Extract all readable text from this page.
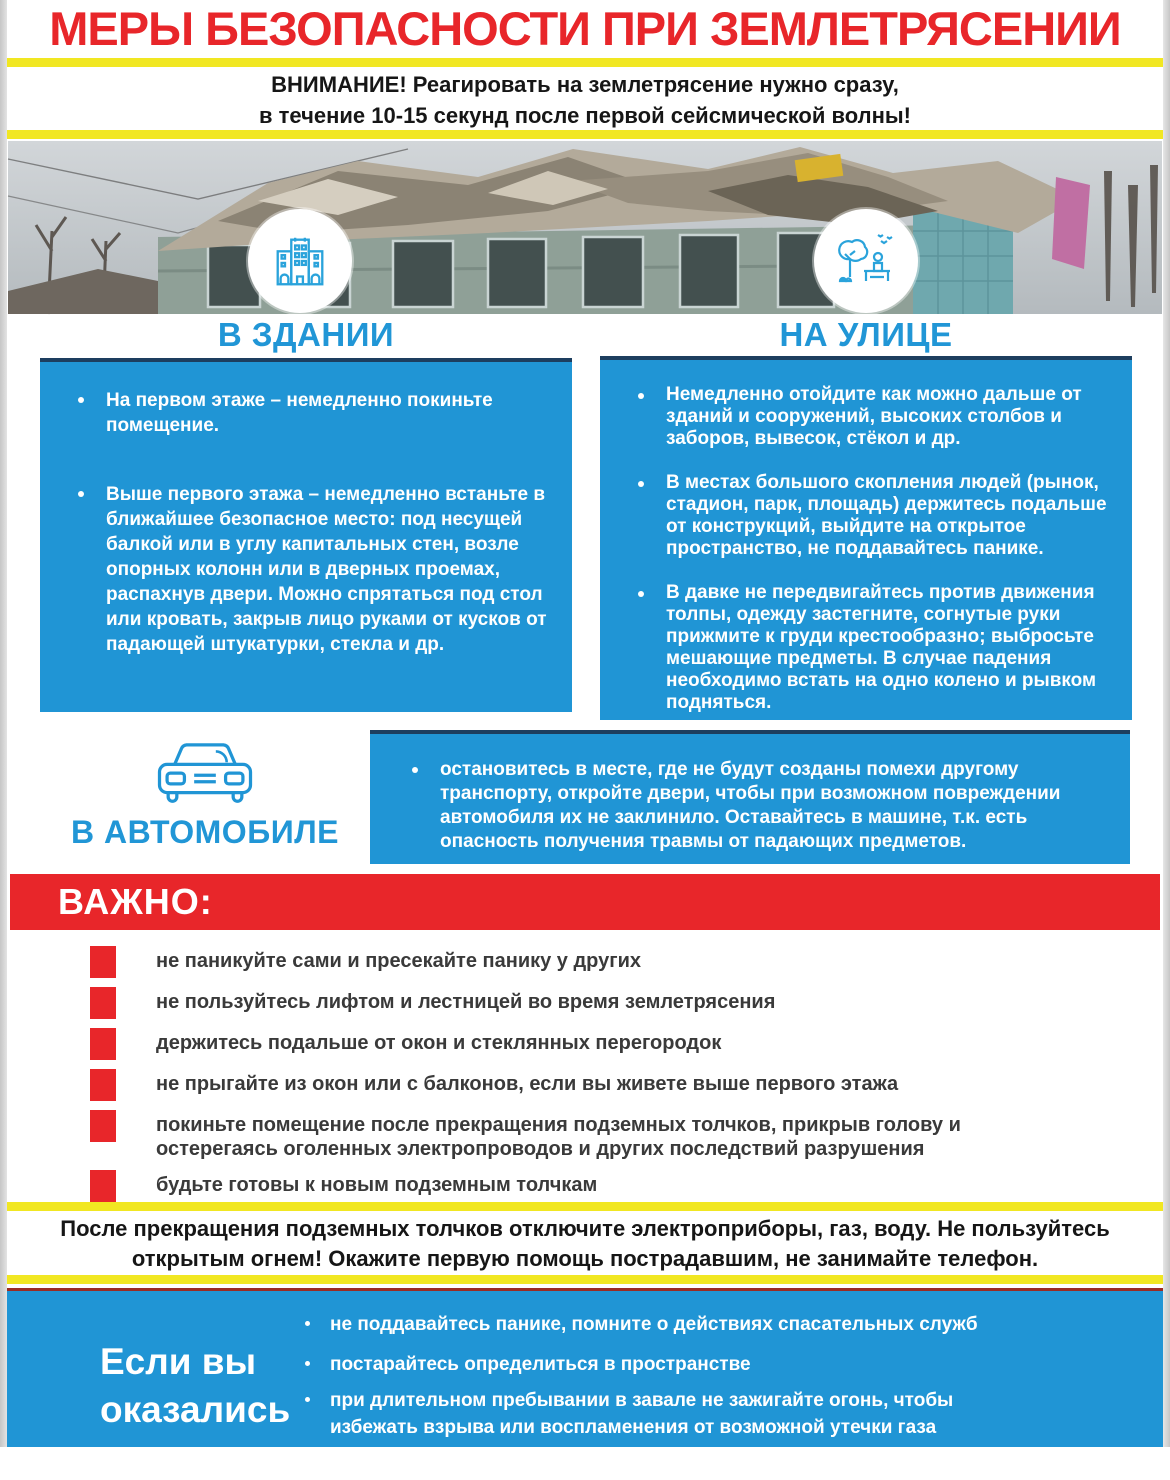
МЕРЫ БЕЗОПАСНОСТИ ПРИ ЗЕМЛЕТРЯСЕНИИ
ВНИМАНИЕ! Реагировать на землетрясение нужно сразу,
в течение 10-15 секунд после первой сейсмической волны!
В ЗДАНИИ	НА УЛИЦЕ
На первом этаже – немедленно покиньте помещение.
Выше первого этажа – немедленно встаньте в ближайшее безопасное место: под несущей балкой или в углу капитальных стен, возле опорных колонн или в дверных проемах, распахнув двери. Можно спрятаться под стол или кровать, закрыв лицо руками от кусков от падающей штукатурки, стекла и др.
Немедленно отойдите как можно дальше от зданий и сооружений, высоких столбов и заборов, вывесок, стёкол и др.
В местах большого скопления людей (рынок, стадион, парк, площадь) держитесь подальше от конструкций, выйдите на открытое пространство, не поддавайтесь панике.
В давке не передвигайтесь против движения толпы, одежду застегните, согнутые руки прижмите к груди крестообразно; выбросьте мешающие предметы. В случае падения необходимо встать на одно колено и рывком подняться.
В АВТОМОБИЛЕ
остановитесь в месте, где не будут созданы помехи другому транспорту, откройте двери, чтобы при возможном повреждении автомобиля их не заклинило. Оставайтесь в машине, т.к. есть опасность получения травмы от падающих предметов.
ВАЖНО:
не паникуйте сами и пресекайте панику у других
не пользуйтесь лифтом и лестницей во время землетрясения
держитесь подальше от окон и стеклянных перегородок
не прыгайте из окон или с балконов, если вы живете выше первого этажа
покиньте помещение после прекращения подземных толчков, прикрыв голову и остерегаясь оголенных электропроводов и других последствий разрушения
будьте готовы к новым подземным толчкам
После прекращения подземных толчков отключите электроприборы, газ, воду. Не пользуйтесь
открытым огнем! Окажите первую помощь пострадавшим, не занимайте телефон.
Если вы
оказались
в завале
не поддавайтесь панике, помните о действиях спасательных служб
постарайтесь определиться в пространстве
при длительном пребывании в завале не зажигайте огонь, чтобы избежать взрыва или воспламенения от возможной утечки газа
